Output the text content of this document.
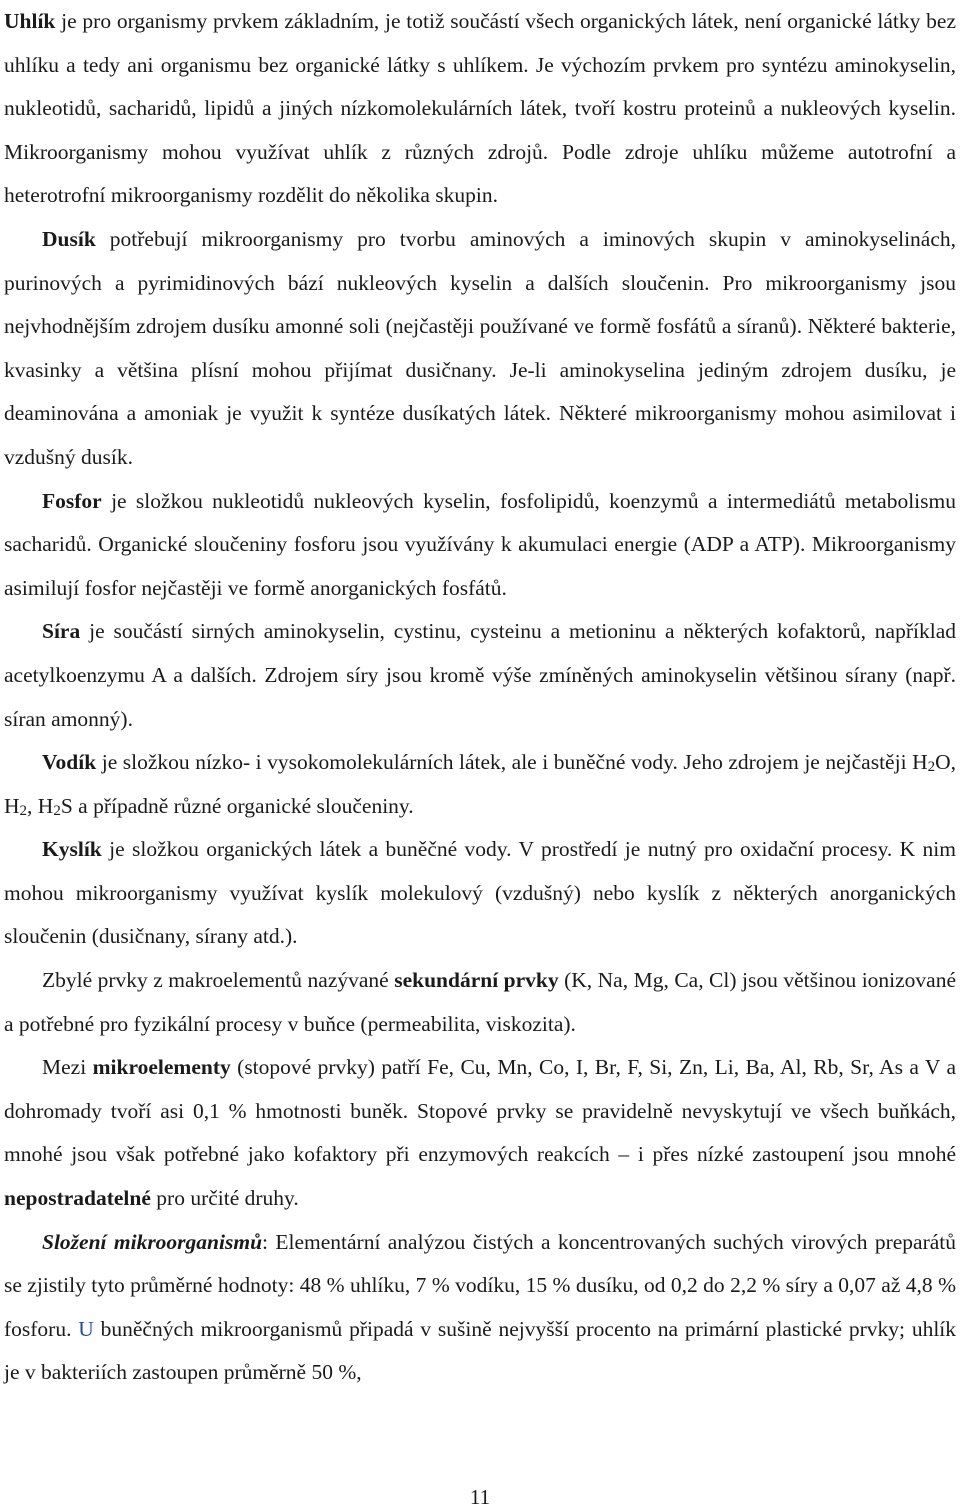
Uhlík je pro organismy prvkem základním, je totiž součástí všech organických látek, není organické látky bez uhlíku a tedy ani organismu bez organické látky s uhlíkem. Je výchozím prvkem pro syntézu aminokyselin, nukleotidů, sacharidů, lipidů a jiných nízkomolekulárních látek, tvoří kostru proteinů a nukleových kyselin. Mikroorganismy mohou využívat uhlík z různých zdrojů. Podle zdroje uhlíku můžeme autotrofní a heterotrofní mikroorganismy rozdělit do několika skupin.

Dusík potřebují mikroorganismy pro tvorbu aminových a iminových skupin v aminokyselinách, purinových a pyrimidinových bází nukleových kyselin a dalších sloučenin. Pro mikroorganismy jsou nejvhodnějším zdrojem dusíku amonné soli (nejčastěji používané ve formě fosfátů a síranů). Některé bakterie, kvasinky a většina plísní mohou přijímat dusičnany. Je-li aminokyselina jediným zdrojem dusíku, je deaminována a amoniak je využit k syntéze dusíkatých látek. Některé mikroorganismy mohou asimilovat i vzdušný dusík.

Fosfor je složkou nukleotidů nukleových kyselin, fosfolipidů, koenzymů a intermediátů metabolismu sacharidů. Organické sloučeniny fosforu jsou využívány k akumulaci energie (ADP a ATP). Mikroorganismy asimilují fosfor nejčastěji ve formě anorganických fosfátů.

Síra je součástí sirných aminokyselin, cystinu, cysteinu a metioninu a některých kofaktorů, například acetylkoenzymu A a dalších. Zdrojem síry jsou kromě výše zmíněných aminokyselin většinou sírany (např. síran amonný).

Vodík je složkou nízko- i vysokomolekulárních látek, ale i buněčné vody. Jeho zdrojem je nejčastěji $H_2O$, $H_2$, $H_2S$ a případně různé organické sloučeniny.

Kyslík je složkou organických látek a buněčné vody. V prostředí je nutný pro oxidační procesy. K nim mohou mikroorganismy využívat kyslík molekulový (vzdušný) nebo kyslík z některých anorganických sloučenin (dusičnany, sírany atd.).

Zbylé prvky z makroelementů nazývané sekundární prvky (K, Na, Mg, Ca, Cl) jsou většinou ionizované a potřebné pro fyzikální procesy v buňce (permeabilita, viskozita).

Mezi mikroelementy (stopové prvky) patří Fe, Cu, Mn, Co, I, Br, F, Si, Zn, Li, Ba, Al, Rb, Sr, As a V a dohromady tvoří asi 0,1 % hmotnosti buněk. Stopové prvky se pravidelně nevyskytují ve všech buňkách, mnohé jsou však potřebné jako kofaktory při enzymových reakcích – i přes nízké zastoupení jsou mnohé nepostradatelné pro určité druhy.

Složení mikroorganismů: Elementární analýzou čistých a koncentrovaných suchých virových preparátů se zjistily tyto průměrné hodnoty: 48 % uhlíku, 7 % vodíku, 15 % dusíku, od 0,2 do 2,2 % síry a 0,07 až 4,8 % fosforu. U buněčných mikroorganismů připadá v sušině nejvyšší procento na primární plastické prvky; uhlík je v bakteriích zastoupen průměrně 50 %,

11
